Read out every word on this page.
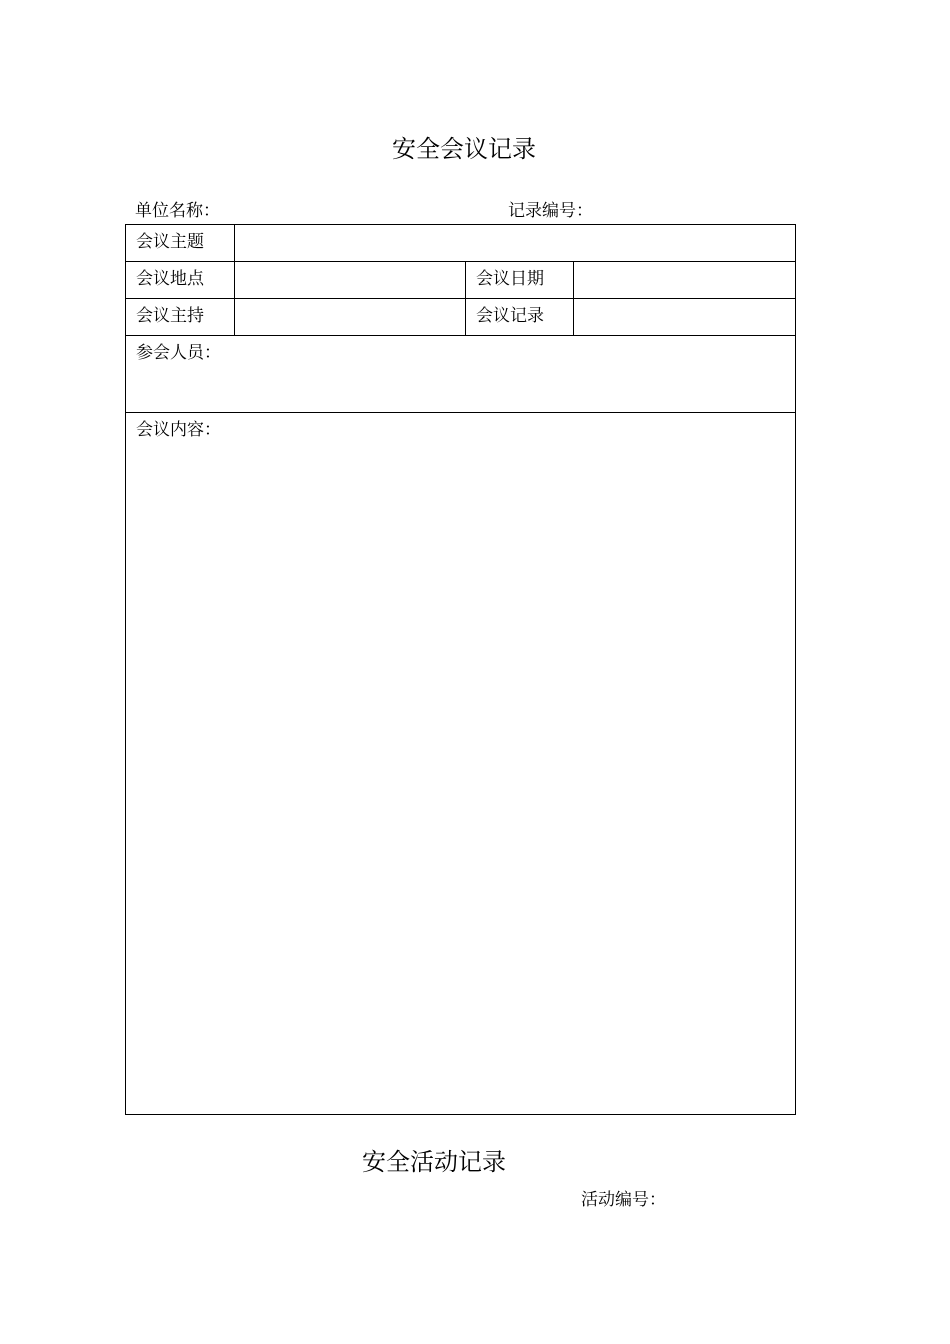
安全会议记录
单位名称：	记录编号：
会议主题			

会议地点		会议日期	

会议主持		会议记录	

参会人员：			
会议内容：			
安全活动记录
活动编号：
